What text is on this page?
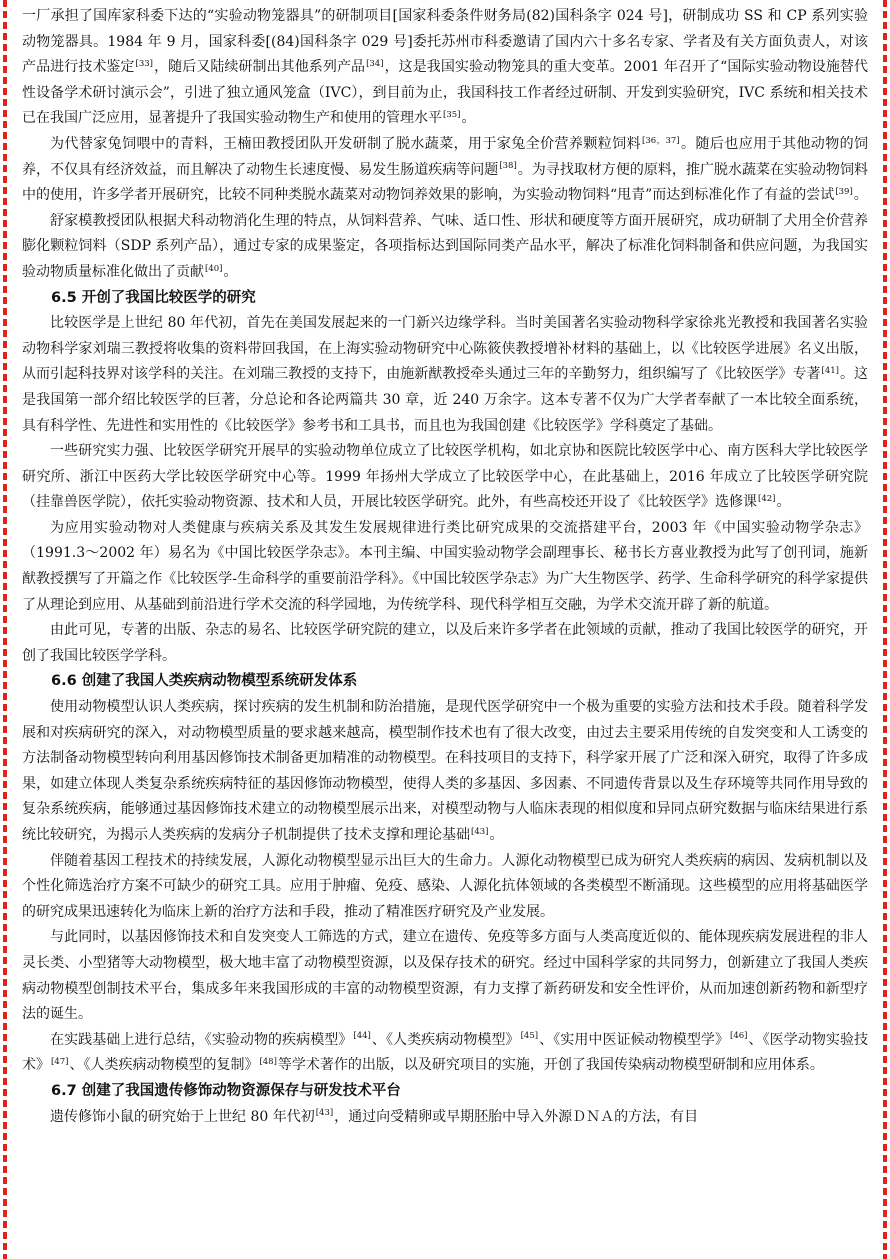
一厂承担了国库家科委下达的“实验动物笼器具”的研制项目[国家科委条件财务局(82)国科条字 024 号]，研制成功 SS 和 CP 系列实验动物笼器具。1984 年 9 月，国家科委[(84)国科条字 029 号]委托苏州市科委邀请了国内六十多名专家、学者及有关方面负责人，对该产品进行技术鉴定[33]，随后又陆续研制出其他系列产品[34]，这是我国实验动物笼具的重大变革。2001 年召开了“国际实验动物设施替代性设备学术研讨演示会”，引进了独立通风笼盒（IVC），到目前为止，我国科技工作者经过研制、开发到实验研究，IVC 系统和相关技术已在我国广泛应用，显著提升了我国实验动物生产和使用的管理水平[35]。

为代替家兔饲喂中的青料，王楠田教授团队开发研制了脱水蔬菜，用于家兔全价营养颗粒饲料[36，37]。随后也应用于其他动物的饲养，不仅具有经济效益，而且解决了动物生长速度慢、易发生肠道疾病等问题[38]。为寻找取材方便的原料，推广脱水蔬菜在实验动物饲料中的使用，许多学者开展研究，比较不同种类脱水蔬菜对动物饲养效果的影响，为实验动物饲料“甩青”而达到标准化作了有益的尝试[39]。

舒家模教授团队根据犬科动物消化生理的特点，从饲料营养、气味、适口性、形状和硬度等方面开展研究，成功研制了犬用全价营养膨化颗粒饲料（SDP 系列产品），通过专家的成果鉴定，各项指标达到国际同类产品水平，解决了标准化饲料制备和供应问题，为我国实验动物质量标准化做出了贡献[40]。

6.5 开创了我国比较医学的研究

比较医学是上世纪 80 年代初，首先在美国发展起来的一门新兴边缘学科。当时美国著名实验动物科学家徐兆光教授和我国著名实验动物科学家刘瑞三教授将收集的资料带回我国，在上海实验动物研究中心陈筱侠教授增补材料的基础上，以《比较医学进展》名义出版，从而引起科技界对该学科的关注。在刘瑞三教授的支持下，由施新猷教授牵头通过三年的辛勤努力，组织编写了《比较医学》专著[41]。这是我国第一部介绍比较医学的巨著，分总论和各论两篇共 30 章，近 240 万余字。这本专著不仅为广大学者奉献了一本比较全面系统，具有科学性、先进性和实用性的《比较医学》参考书和工具书，而且也为我国创建《比较医学》学科奠定了基础。

一些研究实力强、比较医学研究开展早的实验动物单位成立了比较医学机构，如北京协和医院比较医学中心、南方医科大学比较医学研究所、浙江中医药大学比较医学研究中心等。1999 年扬州大学成立了比较医学中心，在此基础上，2016 年成立了比较医学研究院（挂靠兽医学院），依托实验动物资源、技术和人员，开展比较医学研究。此外，有些高校还开设了《比较医学》选修课[42]。

为应用实验动物对人类健康与疾病关系及其发生发展规律进行类比研究成果的交流搭建平台，2003 年《中国实验动物学杂志》（1991.3～2002 年）易名为《中国比较医学杂志》。本刊主编、中国实验动物学会副理事长、秘书长方喜业教授为此写了创刊词，施新猷教授撰写了开篇之作《比较医学-生命科学的重要前沿学科》。《中国比较医学杂志》为广大生物医学、药学、生命科学研究的科学家提供了从理论到应用、从基础到前沿进行学术交流的科学园地，为传统学科、现代科学相互交融，为学术交流开辟了新的航道。

由此可见，专著的出版、杂志的易名、比较医学研究院的建立，以及后来许多学者在此领域的贡献，推动了我国比较医学的研究，开创了我国比较医学学科。

6.6 创建了我国人类疾病动物模型系统研发体系

使用动物模型认识人类疾病，探讨疾病的发生机制和防治措施，是现代医学研究中一个极为重要的实验方法和技术手段。随着科学发展和对疾病研究的深入，对动物模型质量的要求越来越高，模型制作技术也有了很大改变，由过去主要采用传统的自发突变和人工诱变的方法制备动物模型转向利用基因修饰技术制备更加精准的动物模型。在科技项目的支持下，科学家开展了广泛和深入研究，取得了许多成果，如建立体现人类复杂系统疾病特征的基因修饰动物模型，使得人类的多基因、多因素、不同遗传背景以及生存环境等共同作用导致的复杂系统疾病，能够通过基因修饰技术建立的动物模型展示出来，对模型动物与人临床表现的相似度和异同点研究数据与临床结果进行系统比较研究，为揭示人类疾病的发病分子机制提供了技术支撑和理论基础[43]。

伴随着基因工程技术的持续发展，人源化动物模型显示出巨大的生命力。人源化动物模型已成为研究人类疾病的病因、发病机制以及个性化筛选治疗方案不可缺少的研究工具。应用于肿瘤、免疫、感染、人源化抗体领域的各类模型不断涌现。这些模型的应用将基础医学的研究成果迅速转化为临床上新的治疗方法和手段，推动了精准医疗研究及产业发展。

与此同时，以基因修饰技术和自发突变人工筛选的方式，建立在遗传、免疫等多方面与人类高度近似的、能体现疾病发展进程的非人灵长类、小型猪等大动物模型，极大地丰富了动物模型资源，以及保存技术的研究。经过中国科学家的共同努力，创新建立了我国人类疾病动物模型创制技术平台，集成多年来我国形成的丰富的动物模型资源，有力支撑了新药研发和安全性评价，从而加速创新药物和新型疗法的诞生。

在实践基础上进行总结，《实验动物的疾病模型》[44]、《人类疾病动物模型》[45]、《实用中医证候动物模型学》[46]、《医学动物实验技术》[47]、《人类疾病动物模型的复制》[48]等学术著作的出版，以及研究项目的实施，开创了我国传染病动物模型研制和应用体系。

6.7 创建了我国遗传修饰动物资源保存与研发技术平台

遗传修饰小鼠的研究始于上世纪 80 年代初[43]，通过向受精卵或早期胚胎中导入外源ＤＮＡ的方法，有目
